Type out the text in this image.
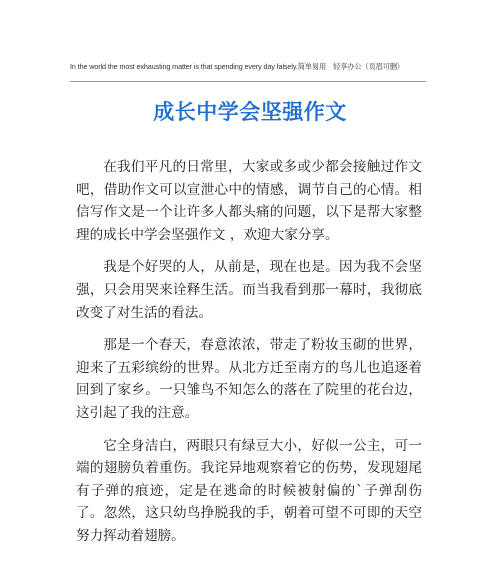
In the world the most exhausting matter is that spending every day falsely.简单易用　轻享办公（页眉可删）
成长中学会坚强作文

在我们平凡的日常里，大家或多或少都会接触过作文吧，借助作文可以宣泄心中的情感，调节自己的心情。相信写作文是一个让许多人都头痛的问题，以下是帮大家整理的成长中学会坚强作文 ，欢迎大家分享。

我是个好哭的人，从前是，现在也是。因为我不会坚强，只会用哭来诠释生活。而当我看到那一幕时，我彻底改变了对生活的看法。

那是一个春天，春意浓浓，带走了粉妆玉砌的世界，迎来了五彩缤纷的世界。从北方迁至南方的鸟儿也追逐着回到了家乡。一只雏鸟不知怎么的落在了院里的花台边，这引起了我的注意。

它全身洁白，两眼只有绿豆大小，好似一公主，可一端的翅膀负着重伤。我诧异地观察着它的伤势，发现翅尾有子弹的痕迹，定是在逃命的时候被射偏的`子弹刮伤了。忽然，这只幼鸟挣脱我的手，朝着可望不可即的天空努力挥动着翅膀。
